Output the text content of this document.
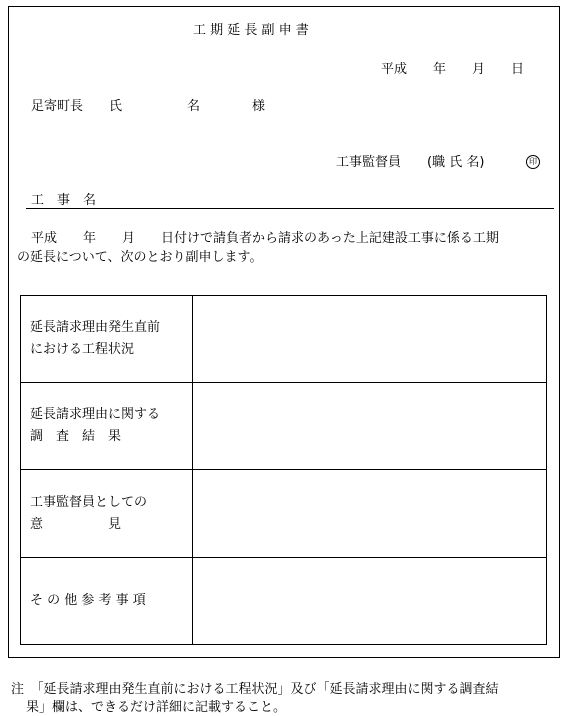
工 期 延 長 副 申 書
平成　　年　　月　　日
足寄町長　　氏　　　　　名　　　　様
工事監督員　　(職 氏 名)	印
工　事　名
平成　　年　　月　　日付けで請負者から請求のあった上記建設工事に係る工期
の延長について、次のとおり副申します。
延長請求理由発生直前
における工程状況	

延長請求理由に関する
調　査　結　果	

工事監督員としての
意　　　　　見	

そ の 他 参 考 事 項	

注　「延長請求理由発生直前における工程状況」及び「延長請求理由に関する調査結
果」欄は、できるだけ詳細に記載すること。
